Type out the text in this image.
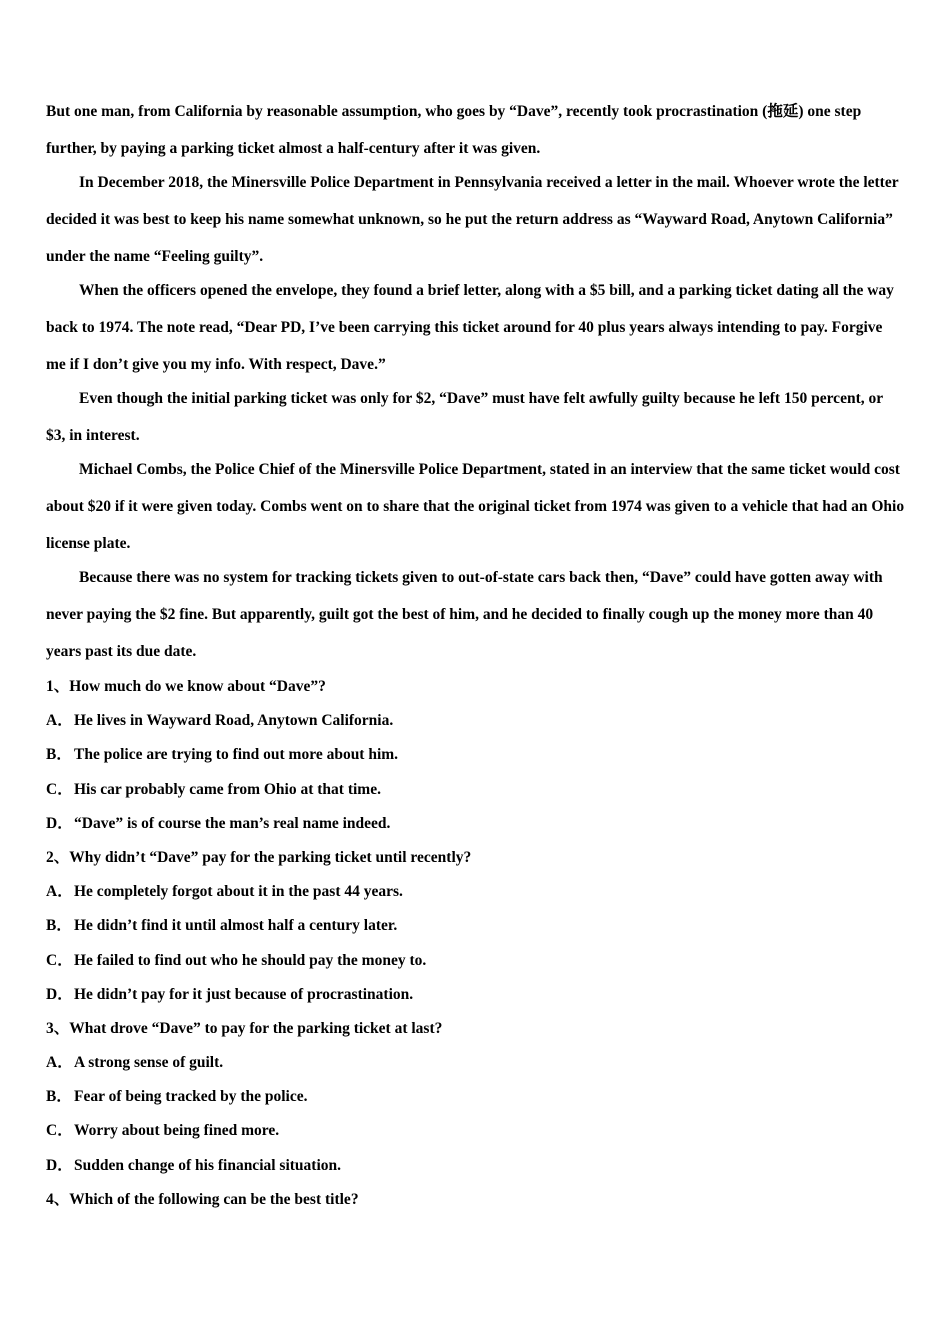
But one man, from California by reasonable assumption, who goes by “Dave”, recently took procrastination (拖延) one step further, by paying a parking ticket almost a half-century after it was given.

In December 2018, the Minersville Police Department in Pennsylvania received a letter in the mail. Whoever wrote the letter decided it was best to keep his name somewhat unknown, so he put the return address as “Wayward Road, Anytown California” under the name “Feeling guilty”.

When the officers opened the envelope, they found a brief letter, along with a $5 bill, and a parking ticket dating all the way back to 1974. The note read, “Dear PD, I’ve been carrying this ticket around for 40 plus years always intending to pay. Forgive me if I don’t give you my info. With respect, Dave.”

Even though the initial parking ticket was only for $2, “Dave” must have felt awfully guilty because he left 150 percent, or $3, in interest.

Michael Combs, the Police Chief of the Minersville Police Department, stated in an interview that the same ticket would cost about $20 if it were given today. Combs went on to share that the original ticket from 1974 was given to a vehicle that had an Ohio license plate.

Because there was no system for tracking tickets given to out-of-state cars back then, “Dave” could have gotten away with never paying the $2 fine. But apparently, guilt got the best of him, and he decided to finally cough up the money more than 40 years past its due date.

1、How much do we know about “Dave”?

A．He lives in Wayward Road, Anytown California.

B． The police are trying to find out more about him.

C．His car probably came from Ohio at that time.

D．“Dave” is of course the man’s real name indeed.

2、Why didn’t “Dave” pay for the parking ticket until recently?

A．He completely forgot about it in the past 44 years.

B． He didn’t find it until almost half a century later.

C．He failed to find out who he should pay the money to.

D．He didn’t pay for it just because of procrastination.

3、What drove “Dave” to pay for the parking ticket at last?

A．A strong sense of guilt.

B． Fear of being tracked by the police.

C．Worry about being fined more.

D．Sudden change of his financial situation.

4、Which of the following can be the best title?
